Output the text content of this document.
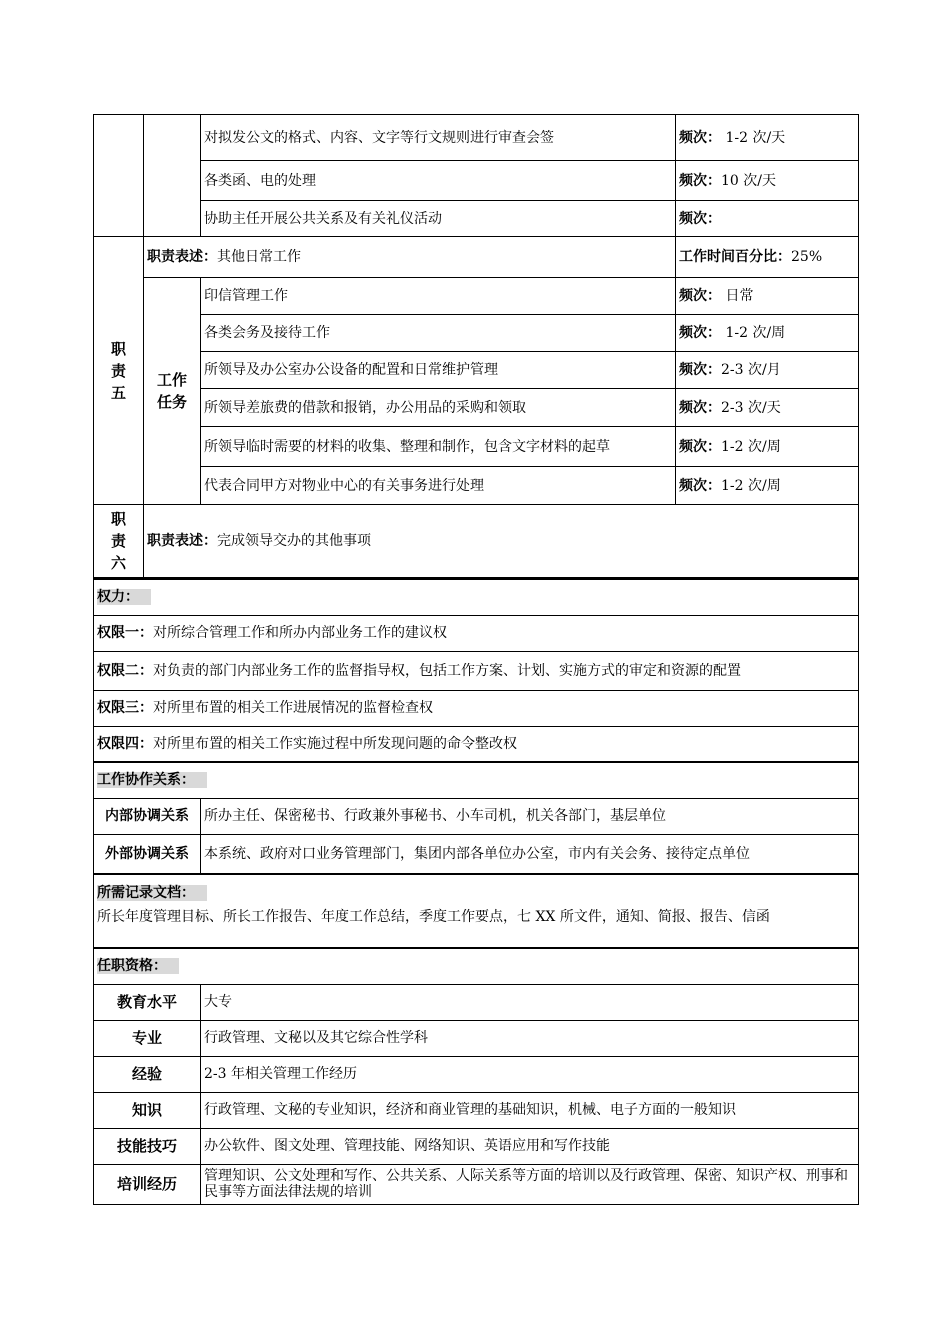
		对拟发公文的格式、内容、文字等行文规则进行审查会签	频次： 1-2 次/天
		各类函、电的处理	频次：10 次/天
		协助主任开展公共关系及有关礼仪活动	频次：
职
责
五	职责表述：其他日常工作		工作时间百分比：25%
	工作
任务	印信管理工作	频次： 日常
		各类会务及接待工作	频次： 1-2 次/周
		所领导及办公室办公设备的配置和日常维护管理	频次：2-3 次/月
		所领导差旅费的借款和报销，办公用品的采购和领取	频次：2-3 次/天
		所领导临时需要的材料的收集、整理和制作，包含文字材料的起草	频次：1-2 次/周
		代表合同甲方对物业中心的有关事务进行处理	频次：1-2 次/周
职
责
六	职责表述：完成领导交办的其他事项		
权力：	
权限一：对所综合管理工作和所办内部业务工作的建议权	
权限二：对负责的部门内部业务工作的监督指导权，包括工作方案、计划、实施方式的审定和资源的配置	
权限三：对所里布置的相关工作进展情况的监督检查权	
权限四：对所里布置的相关工作实施过程中所发现问题的命令整改权	
工作协作关系：	
内部协调关系	所办主任、保密秘书、行政兼外事秘书、小车司机，机关各部门，基层单位
外部协调关系	本系统、政府对口业务管理部门，集团内部各单位办公室，市内有关会务、接待定点单位
所需记录文档：
所长年度管理目标、所长工作报告、年度工作总结，季度工作要点，七 XX 所文件，通知、简报、报告、信函	
任职资格：	
教育水平	大专
专业	行政管理、文秘以及其它综合性学科
经验	2-3 年相关管理工作经历
知识	行政管理、文秘的专业知识，经济和商业管理的基础知识，机械、电子方面的一般知识
技能技巧	办公软件、图文处理、管理技能、网络知识、英语应用和写作技能
培训经历	管理知识、公文处理和写作、公共关系、人际关系等方面的培训以及行政管理、保密、知识产权、刑事和民事等方面法律法规的培训
